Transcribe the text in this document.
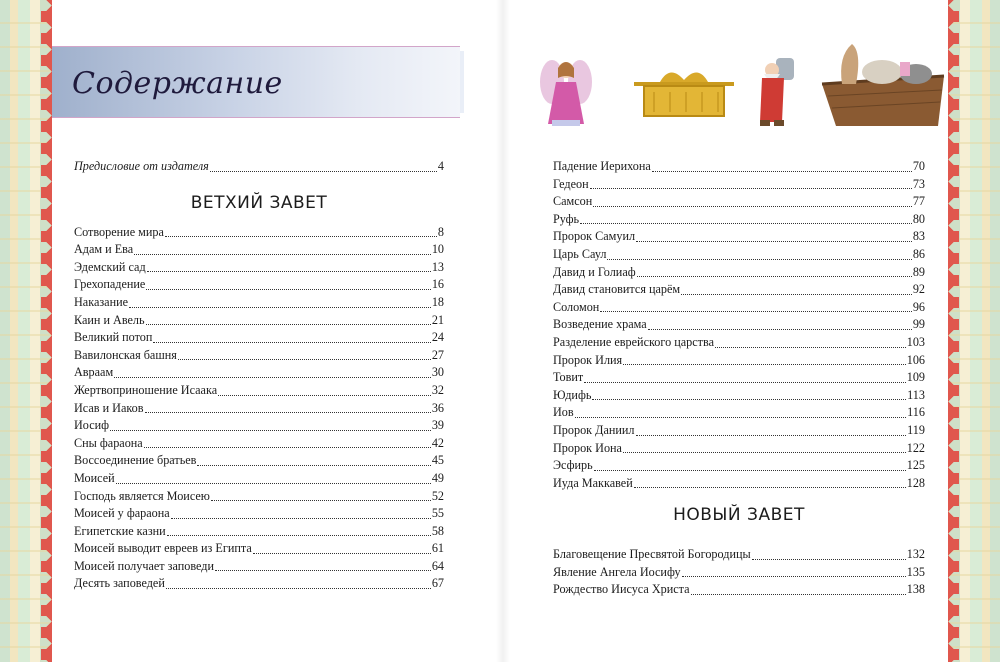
Содержание
Предисловие от издателя	4
ВЕТХИЙ ЗАВЕТ
Сотворение мира	8
Адам и Ева	10
Эдемский сад	13
Грехопадение	16
Наказание	18
Каин и Авель	21
Великий потоп	24
Вавилонская башня	27
Авраам	30
Жертвоприношение Исаака	32
Исав и Иаков	36
Иосиф	39
Сны фараона	42
Воссоединение братьев	45
Моисей	49
Господь является Моисею	52
Моисей у фараона	55
Египетские казни	58
Моисей выводит евреев из Египта	61
Моисей получает заповеди	64
Десять заповедей	67
Падение Иерихона	70
Гедеон	73
Самсон	77
Руфь	80
Пророк Самуил	83
Царь Саул	86
Давид и Голиаф	89
Давид становится царём	92
Соломон	96
Возведение храма	99
Разделение еврейского царства	103
Пророк Илия	106
Товит	109
Юдифь	113
Иов	116
Пророк Даниил	119
Пророк Иона	122
Эсфирь	125
Иуда Маккавей	128
НОВЫЙ ЗАВЕТ
Благовещение Пресвятой Богородицы	132
Явление Ангела Иосифу	135
Рождество Иисуса Христа	138
